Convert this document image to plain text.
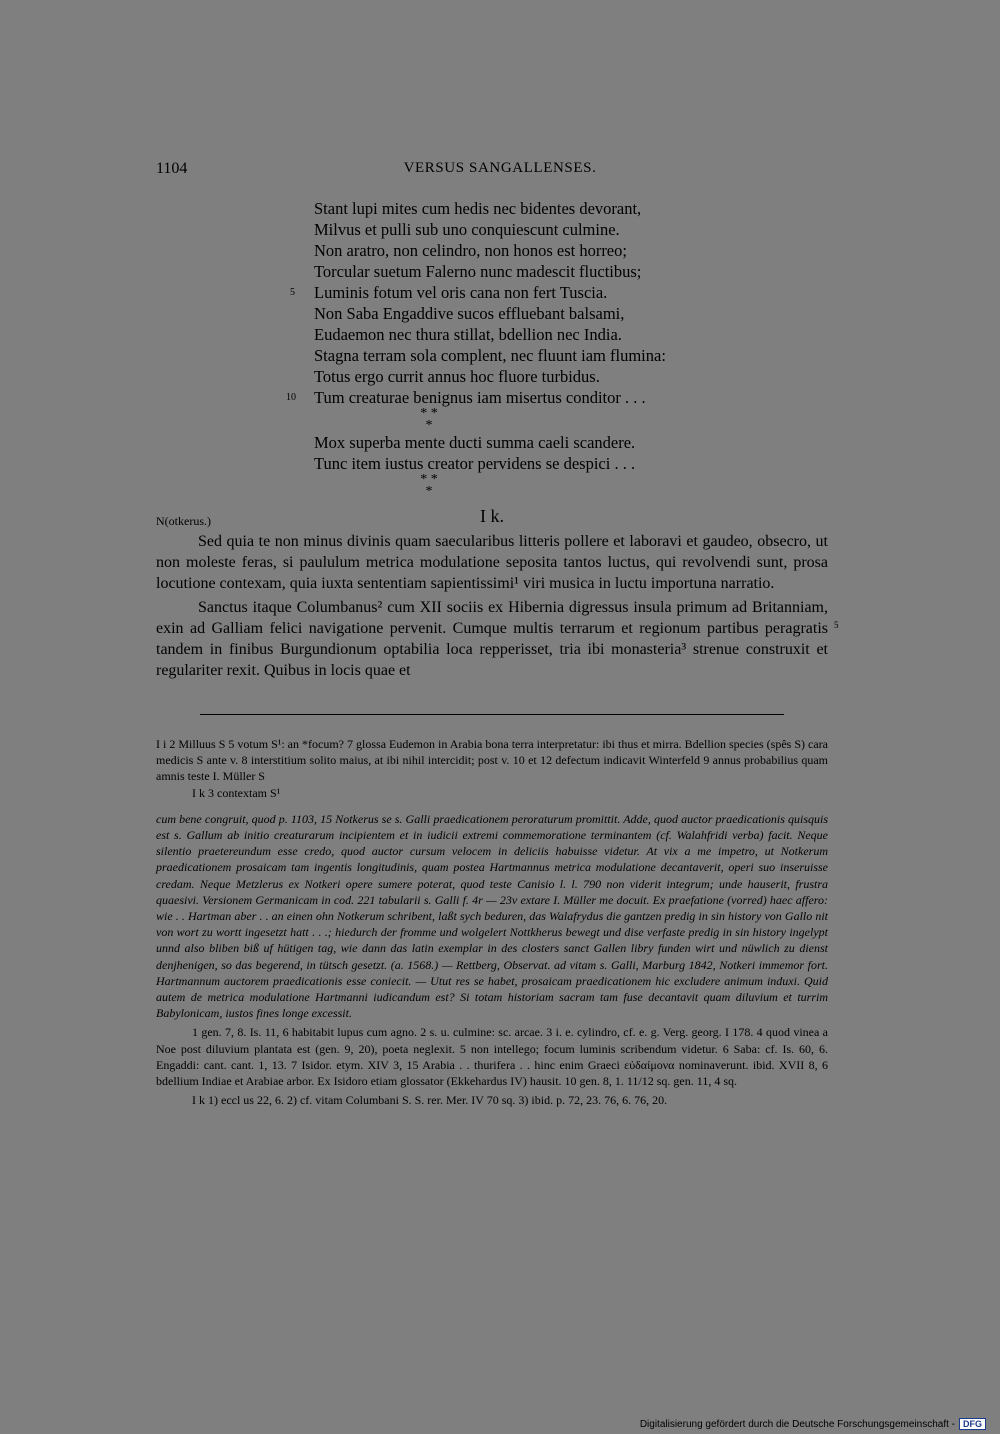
1104	VERSUS SANGALLENSES.
Stant lupi mites cum hedis nec bidentes devorant,
Milvus et pulli sub uno conquiescunt culmine.
Non aratro, non celindro, non honos est horreo;
Torcular suetum Falerno nunc madescit fluctibus;
Luminis fotum vel oris cana non fert Tuscia.
Non Saba Engaddive sucos effluebant balsami,
Eudaemon nec thura stillat, bdellion nec India.
Stagna terram sola complent, nec fluunt iam flumina:
Totus ergo currit annus hoc fluore turbidus.
Tum creaturae benignus iam misertus conditor . . .
* *
*
Mox superba mente ducti summa caeli scandere.
Tunc item iustus creator pervidens se despici . . .
* *
*
5
10
N(otkerus.)	I k.

Sed quia te non minus divinis quam saecularibus litteris pollere et laboravi et gaudeo, obsecro, ut non moleste feras, si paululum metrica modulatione seposita tantos luctus, qui revolvendi sunt, prosa locutione contexam, quia iuxta sententiam sapientissimi¹ viri musica in luctu importuna narratio.

Sanctus itaque Columbanus² cum XII sociis ex Hibernia digressus insula primum ad Britanniam, exin ad Galliam felici navigatione pervenit. Cumque multis terrarum et regionum partibus peragratis tandem in finibus Burgundionum optabilia loca repperisset, tria ibi monasteria³ strenue construxit et regulariter rexit. Quibus in locis quae et

5

I i 2 Milluus S 5 votum S¹: an *focum? 7 glossa Eudemon in Arabia bona terra interpretatur: ibi thus et mirra. Bdellion species (spês S) cara medicis S ante v. 8 interstitium solito maius, at ibi nihil intercidit; post v. 10 et 12 defectum indicavit Winterfeld 9 annus probabilius quam amnis teste I. Müller S

I k 3 contextam S¹

cum bene congruit, quod p. 1103, 15 Notkerus se s. Galli praedicationem peroraturum promittit. Adde, quod auctor praedicationis quisquis est s. Gallum ab initio creaturarum incipientem et in iudicii extremi commemoratione terminantem (cf. Walahfridi verba) facit. Neque silentio praetereundum esse credo, quod auctor cursum velocem in deliciis habuisse videtur. At vix a me impetro, ut Notkerum praedicationem prosaicam tam ingentis longitudinis, quam postea Hartmannus metrica modulatione decantaverit, operi suo inseruisse credam. Neque Metzlerus ex Notkeri opere sumere poterat, quod teste Canisio l. l. 790 non viderit integrum; unde hauserit, frustra quaesivi. Versionem Germanicam in cod. 221 tabularii s. Galli f. 4r — 23v extare I. Müller me docuit. Ex praefatione (vorred) haec affero: wie . . Hartman aber . . an einen ohn Notkerum schribent, laßt sych beduren, das Walafrydus die gantzen predig in sin history von Gallo nit von wort zu wortt ingesetzt hatt . . .; hiedurch der fromme und wolgelert Nottkherus bewegt und dise verfaste predig in sin history ingelypt unnd also bliben biß uf hütigen tag, wie dann das latin exemplar in des closters sanct Gallen libry funden wirt und nüwlich zu dienst denjhenigen, so das begerend, in tütsch gesetzt. (a. 1568.) — Rettberg, Observat. ad vitam s. Galli, Marburg 1842, Notkeri immemor fort. Hartmannum auctorem praedicationis esse coniecit. — Utut res se habet, prosaicam praedicationem hic excludere animum induxi. Quid autem de metrica modulatione Hartmanni iudicandum est? Si totam historiam sacram tam fuse decantavit quam diluvium et turrim Babylonicam, iustos fines longe excessit.

1 gen. 7, 8. Is. 11, 6 habitabit lupus cum agno. 2 s. u. culmine: sc. arcae. 3 i. e. cylindro, cf. e. g. Verg. georg. I 178. 4 quod vinea a Noe post diluvium plantata est (gen. 9, 20), poeta neglexit. 5 non intellego; focum luminis scribendum videtur. 6 Saba: cf. Is. 60, 6. Engaddi: cant. cant. 1, 13. 7 Isidor. etym. XIV 3, 15 Arabia . . thurifera . . hinc enim Graeci εὐδαίμονα nominaverunt. ibid. XVII 8, 6 bdellium Indiae et Arabiae arbor. Ex Isidoro etiam glossator (Ekkehardus IV) hausit. 10 gen. 8, 1. 11/12 sq. gen. 11, 4 sq.

I k 1) eccl us 22, 6. 2) cf. vitam Columbani S. S. rer. Mer. IV 70 sq. 3) ibid. p. 72, 23. 76, 6. 76, 20.

Digitalisierung gefördert durch die Deutsche Forschungsgemeinschaft - DFG
